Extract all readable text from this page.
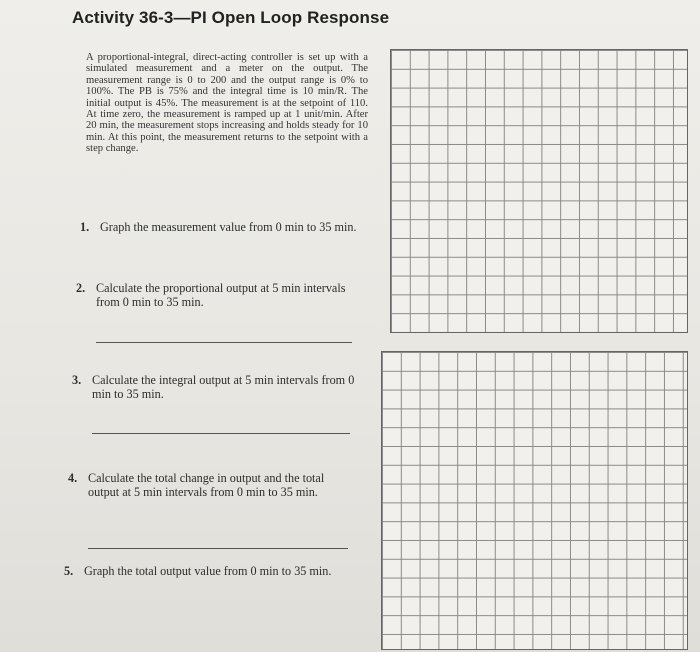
Activity 36-3—PI Open Loop Response
A proportional-integral, direct-acting controller is set up with a simulated measurement and a meter on the output. The measurement range is 0 to 200 and the output range is 0% to 100%. The PB is 75% and the integral time is 10 min/R. The initial output is 45%. The measurement is at the setpoint of 110. At time zero, the measurement is ramped up at 1 unit/min. After 20 min, the measurement stops increasing and holds steady for 10 min. At this point, the measurement returns to the setpoint with a step change.
1. Graph the measurement value from 0 min to 35 min.
2. Calculate the proportional output at 5 min intervals from 0 min to 35 min.
3. Calculate the integral output at 5 min intervals from 0 min to 35 min.
4. Calculate the total change in output and the total output at 5 min intervals from 0 min to 35 min.
5. Graph the total output value from 0 min to 35 min.
